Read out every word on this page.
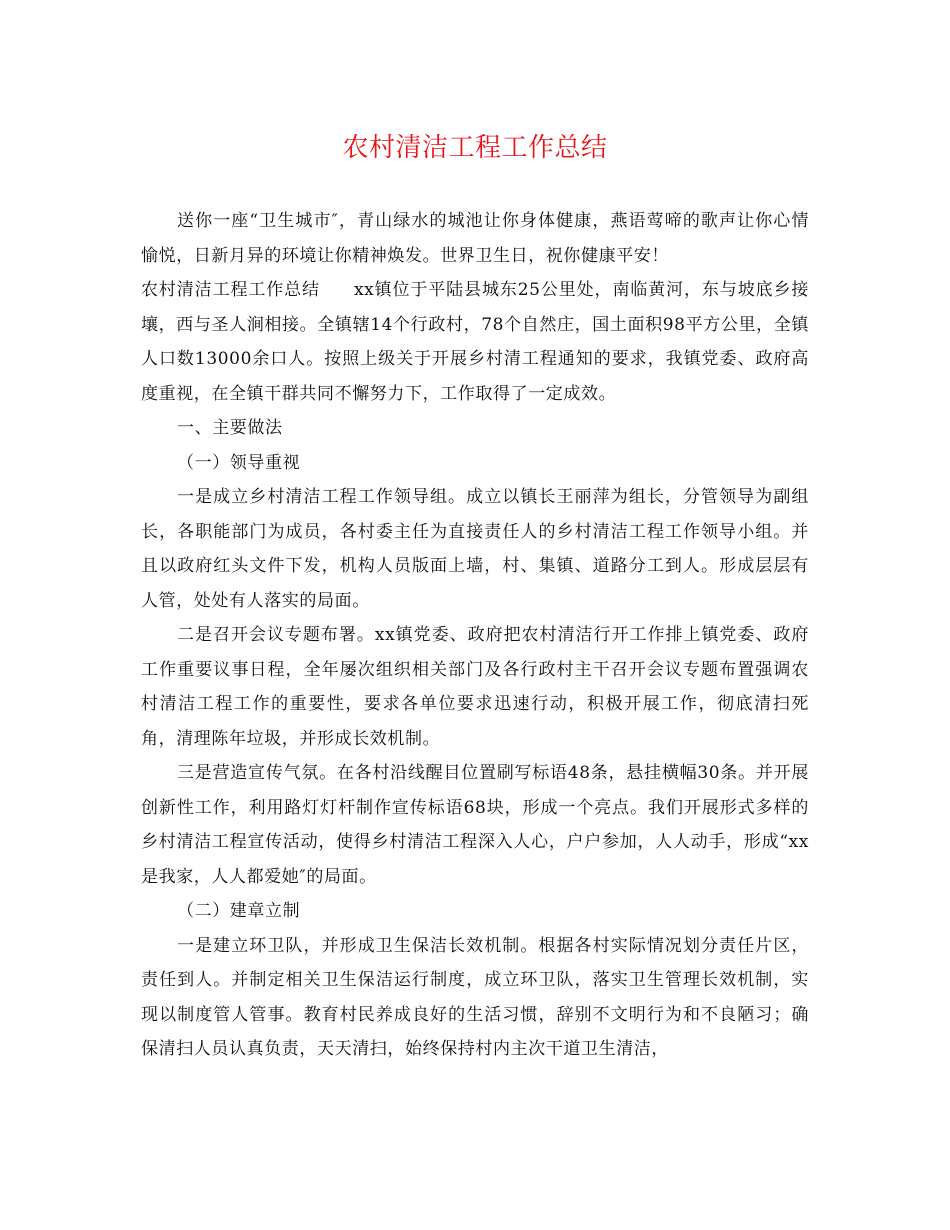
农村清洁工程工作总结

送你一座“卫生城市″，青山绿水的城池让你身体健康，燕语莺啼的歌声让你心情愉悦，日新月异的环境让你精神焕发。世界卫生日，祝你健康平安！

农村清洁工程工作总结 xx镇位于平陆县城东25公里处，南临黄河，东与坡底乡接壤，西与圣人涧相接。全镇辖14个行政村，78个自然庄，国土面积98平方公里，全镇人口数13000余口人。按照上级关于开展乡村清工程通知的要求，我镇党委、政府高度重视，在全镇干群共同不懈努力下，工作取得了一定成效。

一、主要做法

（一）领导重视

一是成立乡村清洁工程工作领导组。成立以镇长王丽萍为组长，分管领导为副组长，各职能部门为成员，各村委主任为直接责任人的乡村清洁工程工作领导小组。并且以政府红头文件下发，机构人员版面上墙，村、集镇、道路分工到人。形成层层有人管，处处有人落实的局面。

二是召开会议专题布署。xx镇党委、政府把农村清洁行开工作排上镇党委、政府工作重要议事日程，全年屡次组织相关部门及各行政村主干召开会议专题布置强调农村清洁工程工作的重要性，要求各单位要求迅速行动，积极开展工作，彻底清扫死角，清理陈年垃圾，并形成长效机制。

三是营造宣传气氛。在各村沿线醒目位置刷写标语48条，悬挂横幅30条。并开展创新性工作，利用路灯灯杆制作宣传标语68块，形成一个亮点。我们开展形式多样的乡村清洁工程宣传活动，使得乡村清洁工程深入人心，户户参加，人人动手，形成“xx是我家，人人都爱她″的局面。

（二）建章立制

一是建立环卫队，并形成卫生保洁长效机制。根据各村实际情况划分责任片区，责任到人。并制定相关卫生保洁运行制度，成立环卫队，落实卫生管理长效机制，实现以制度管人管事。教育村民养成良好的生活习惯，辞别不文明行为和不良陋习；确保清扫人员认真负责，天天清扫，始终保持村内主次干道卫生清洁，
